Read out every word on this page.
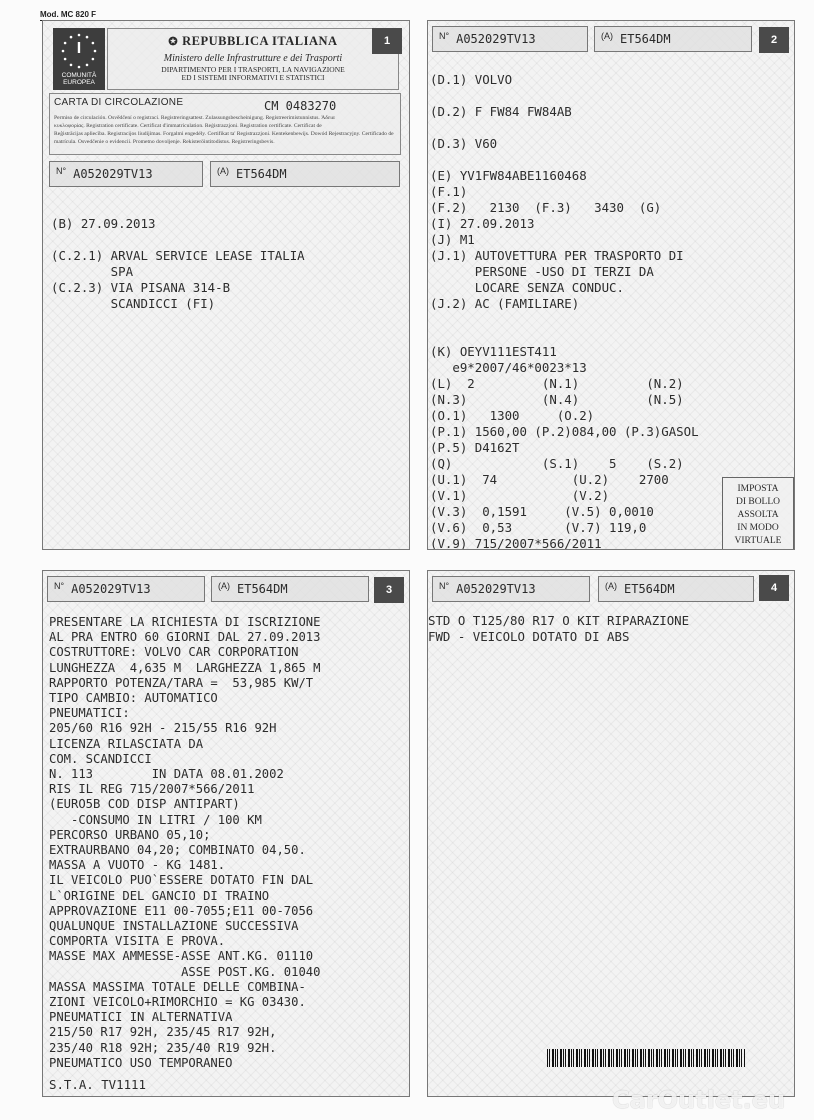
Mod. MC 820 F
I
COMUNITÀ
EUROPEA
✪ REPUBBLICA ITALIANA
Ministero delle Infrastrutture e dei Trasporti
DIPARTIMENTO PER I TRASPORTI, LA NAVIGAZIONE
ED I SISTEMI INFORMATIVI E STATISTICI
1
CARTA DI CIRCOLAZIONE	CM 0483270
Permiso de circulación. Osvědčení o registraci. Registreringsattest. Zulassungsbescheinigung. Registreerimistunnistus. Άδεια
κυκλοφορίας. Registration certificate. Certificat d'immatriculation. Reġistrazzjoni. Registration certificate. Certificat de
Reģistrācijas apliecība. Registracijos liudijimas. Forgalmi engedély. Certifikat ta' Registrazzjoni. Kentekenbewijs. Dowód Rejestracyjny. Certificado de
matrícula. Osvedčenie o evidencii. Prometno dovoljenje. Rekisteröintitodistus. Registreringsbevis.
N° A052029TV13	(A) ET564DM
(B) 27.09.2013

(C.2.1) ARVAL SERVICE LEASE ITALIA
SPA
(C.2.3) VIA PISANA 314-B
SCANDICCI (FI)
N° A052029TV13	(A) ET564DM	2
(D.1) VOLVO

(D.2) F FW84 FW84AB

(D.3) V60

(E) YV1FW84ABE1160468
(F.1)
(F.2)   2130  (F.3)   3430  (G)
(I) 27.09.2013
(J) M1
(J.1) AUTOVETTURA PER TRASPORTO DI
PERSONE -USO DI TERZI DA
LOCARE SENZA CONDUC.
(J.2) AC (FAMILIARE)

(K) OEYV111EST411
e9*2007/46*0023*13
(L)  2         (N.1)         (N.2)
(N.3)          (N.4)         (N.5)
(O.1)   1300     (O.2)
(P.1) 1560,00 (P.2)084,00 (P.3)GASOL
(P.5) D4162T
(Q)            (S.1)    5    (S.2)
(U.1)  74          (U.2)    2700
(V.1)              (V.2)
(V.3)  0,1591     (V.5) 0,0010
(V.6)  0,53       (V.7) 119,0
(V.9) 715/2007*566/2011
IMPOSTA
DI BOLLO
ASSOLTA
IN MODO
VIRTUALE
N° A052029TV13	(A) ET564DM	3
PRESENTARE LA RICHIESTA DI ISCRIZIONE
AL PRA ENTRO 60 GIORNI DAL 27.09.2013
COSTRUTTORE: VOLVO CAR CORPORATION
LUNGHEZZA  4,635 M  LARGHEZZA 1,865 M
RAPPORTO POTENZA/TARA =  53,985 KW/T
TIPO CAMBIO: AUTOMATICO
PNEUMATICI:
205/60 R16 92H - 215/55 R16 92H
LICENZA RILASCIATA DA
COM. SCANDICCI
N. 113        IN DATA 08.01.2002
RIS IL REG 715/2007*566/2011
(EURO5B COD DISP ANTIPART)
-CONSUMO IN LITRI / 100 KM
PERCORSO URBANO 05,10;
EXTRAURBANO 04,20; COMBINATO 04,50.
MASSA A VUOTO - KG 1481.
IL VEICOLO PUO`ESSERE DOTATO FIN DAL
L`ORIGINE DEL GANCIO DI TRAINO
APPROVAZIONE E11 00-7055;E11 00-7056
QUALUNQUE INSTALLAZIONE SUCCESSIVA
COMPORTA VISITA E PROVA.
MASSE MAX AMMESSE-ASSE ANT.KG. 01110
ASSE POST.KG. 01040
MASSA MASSIMA TOTALE DELLE COMBINA-
ZIONI VEICOLO+RIMORCHIO = KG 03430.
PNEUMATICI IN ALTERNATIVA
215/50 R17 92H, 235/45 R17 92H,
235/40 R18 92H; 235/40 R19 92H.
PNEUMATICO USO TEMPORANEO
S.T.A. TV1111
N° A052029TV13	(A) ET564DM	4
STD O T125/80 R17 O KIT RIPARAZIONE
FWD - VEICOLO DOTATO DI ABS
CarOutlet.eu
